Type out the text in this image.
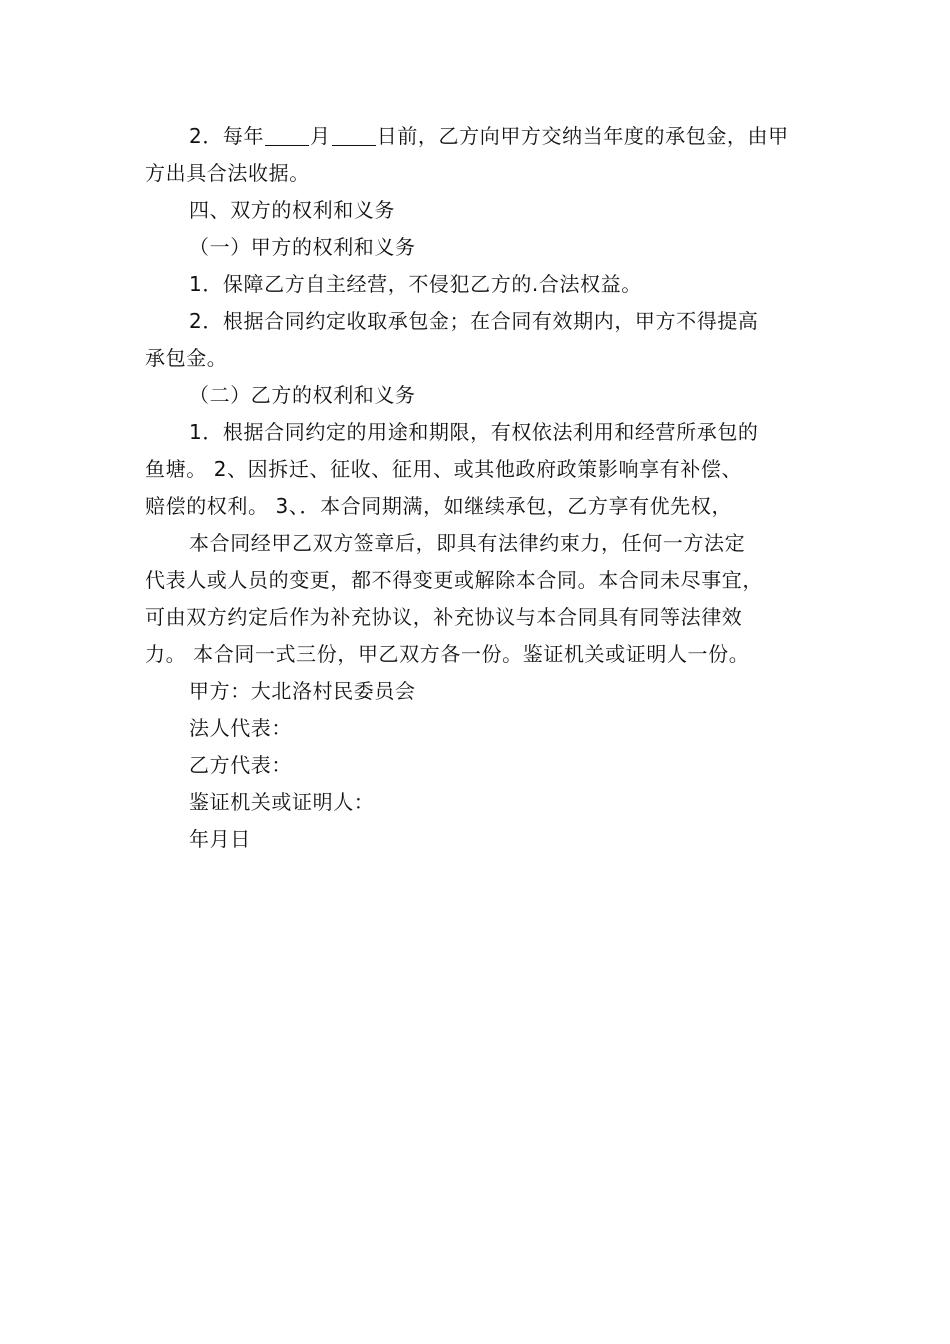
2．每年 月 日前，乙方向甲方交纳当年度的承包金，由甲

方出具合法收据。

四、双方的权利和义务

（一）甲方的权利和义务

1．保障乙方自主经营，不侵犯乙方的.合法权益。

2．根据合同约定收取承包金；在合同有效期内，甲方不得提高

承包金。

（二）乙方的权利和义务

1．根据合同约定的用途和期限，有权依法利用和经营所承包的

鱼塘。 2、因拆迁、征收、征用、或其他政府政策影响享有补偿、

赔偿的权利。 3、．本合同期满，如继续承包，乙方享有优先权，

本合同经甲乙双方签章后，即具有法律约束力，任何一方法定

代表人或人员的变更，都不得变更或解除本合同。本合同未尽事宜，

可由双方约定后作为补充协议，补充协议与本合同具有同等法律效

力。 本合同一式三份，甲乙双方各一份。鉴证机关或证明人一份。

甲方：大北洛村民委员会

法人代表：

乙方代表：

鉴证机关或证明人：

年月日
